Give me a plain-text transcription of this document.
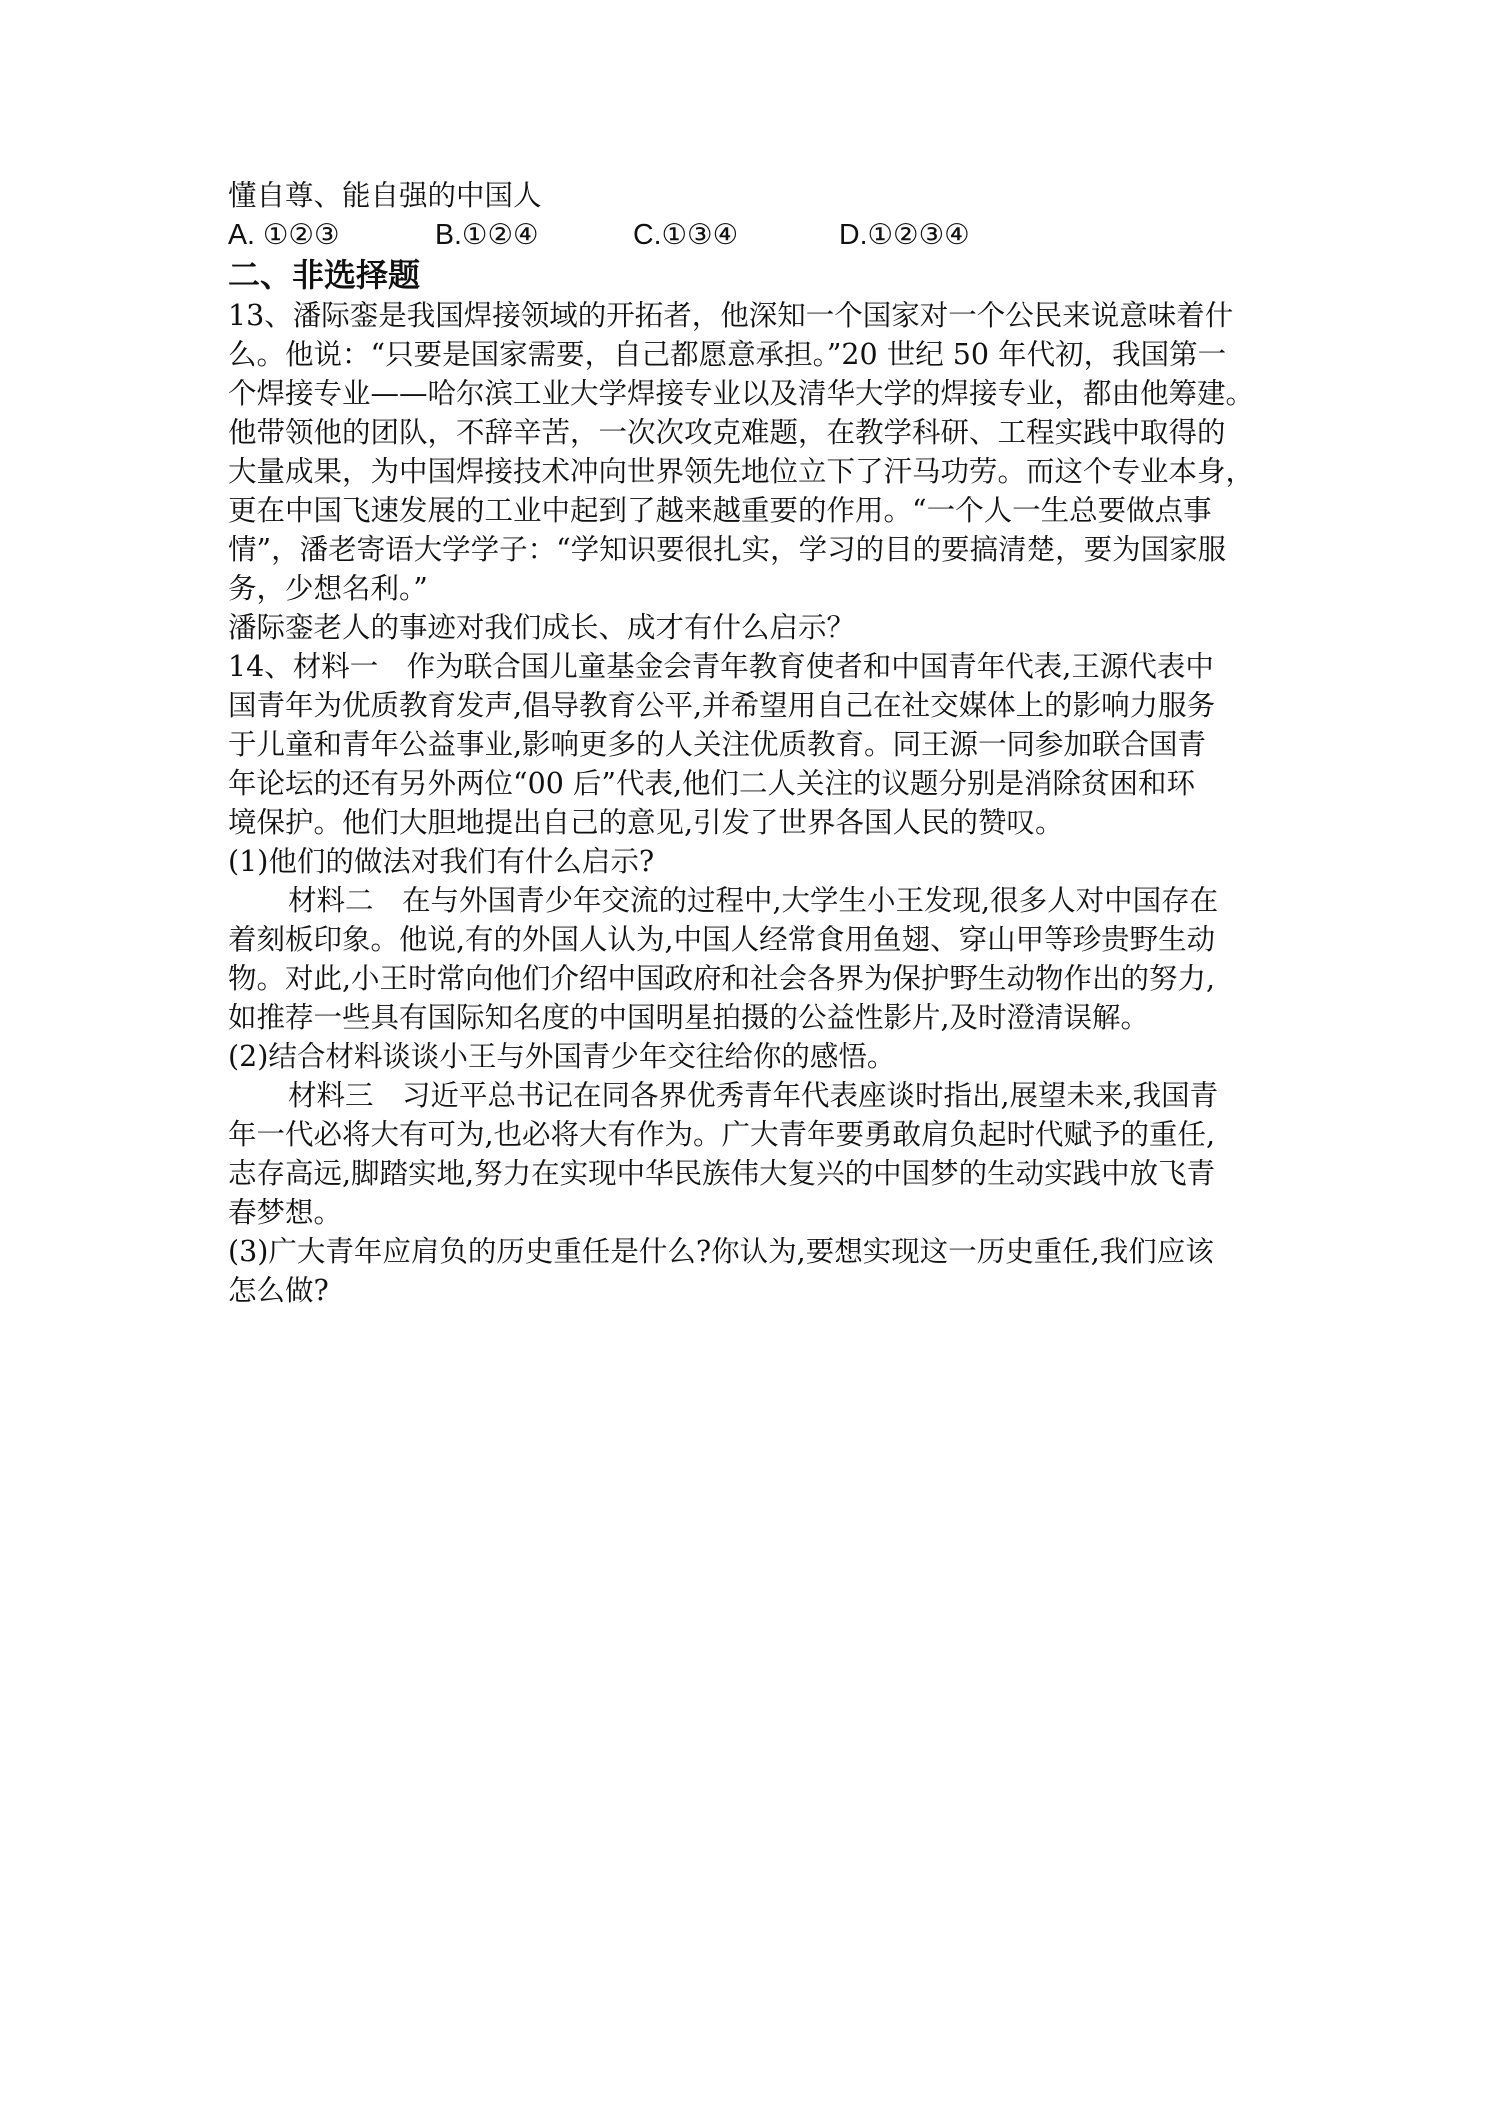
懂自尊、能自强的中国人
A. ①②③	B.①②④	C.①③④	D.①②③④
二、非选择题
13、潘际銮是我国焊接领域的开拓者，他深知一个国家对一个公民来说意味着什
么。他说：“只要是国家需要，自己都愿意承担。”20 世纪 50 年代初，我国第一
个焊接专业——哈尔滨工业大学焊接专业以及清华大学的焊接专业，都由他筹建。
他带领他的团队，不辞辛苦，一次次攻克难题，在教学科研、工程实践中取得的
大量成果，为中国焊接技术冲向世界领先地位立下了汗马功劳。而这个专业本身，
更在中国飞速发展的工业中起到了越来越重要的作用。“一个人一生总要做点事
情”，潘老寄语大学学子：“学知识要很扎实，学习的目的要搞清楚，要为国家服
务，少想名利。”
潘际銮老人的事迹对我们成长、成才有什么启示？
14、材料一　作为联合国儿童基金会青年教育使者和中国青年代表,王源代表中
国青年为优质教育发声,倡导教育公平,并希望用自己在社交媒体上的影响力服务
于儿童和青年公益事业,影响更多的人关注优质教育。同王源一同参加联合国青
年论坛的还有另外两位“00 后”代表,他们二人关注的议题分别是消除贫困和环
境保护。他们大胆地提出自己的意见,引发了世界各国人民的赞叹。
(1)他们的做法对我们有什么启示?
材料二　在与外国青少年交流的过程中,大学生小王发现,很多人对中国存在
着刻板印象。他说,有的外国人认为,中国人经常食用鱼翅、穿山甲等珍贵野生动
物。对此,小王时常向他们介绍中国政府和社会各界为保护野生动物作出的努力,
如推荐一些具有国际知名度的中国明星拍摄的公益性影片,及时澄清误解。
(2)结合材料谈谈小王与外国青少年交往给你的感悟。
材料三　习近平总书记在同各界优秀青年代表座谈时指出,展望未来,我国青
年一代必将大有可为,也必将大有作为。广大青年要勇敢肩负起时代赋予的重任,
志存高远,脚踏实地,努力在实现中华民族伟大复兴的中国梦的生动实践中放飞青
春梦想。
(3)广大青年应肩负的历史重任是什么?你认为,要想实现这一历史重任,我们应该
怎么做?
